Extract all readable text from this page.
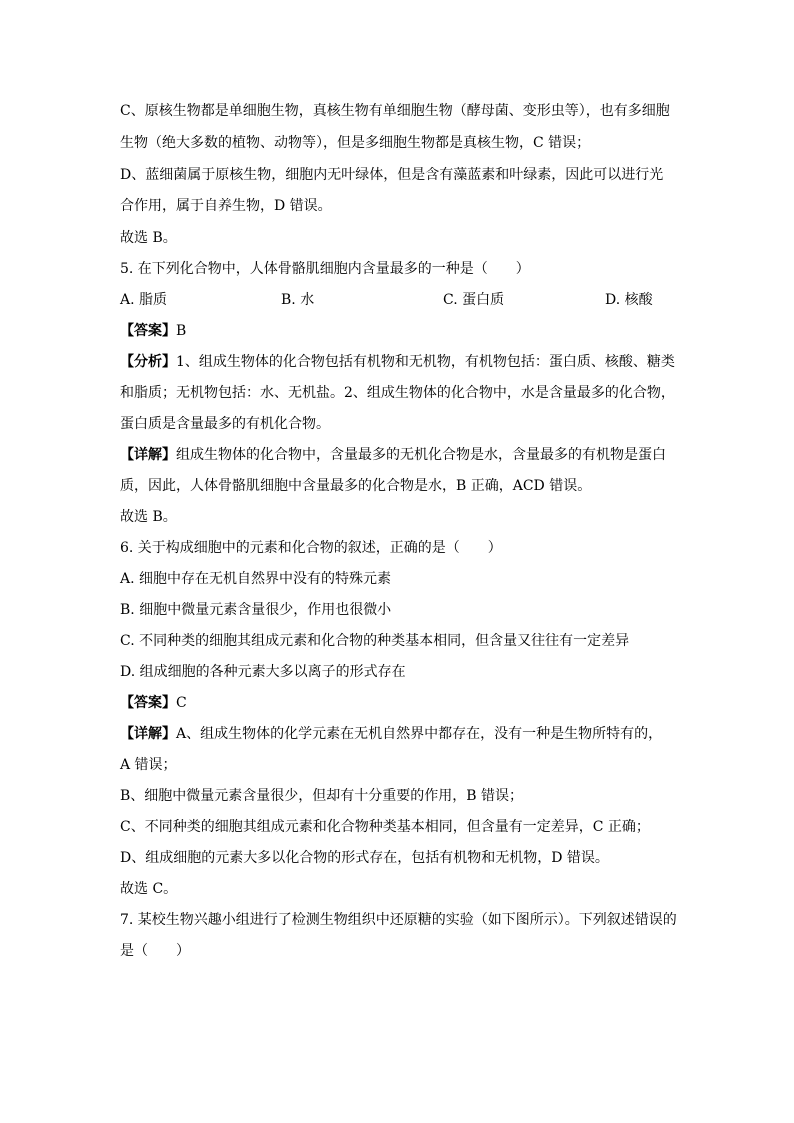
C、原核生物都是单细胞生物，真核生物有单细胞生物（酵母菌、变形虫等），也有多细胞
生物（绝大多数的植物、动物等），但是多细胞生物都是真核生物，C 错误；
D、蓝细菌属于原核生物，细胞内无叶绿体，但是含有藻蓝素和叶绿素，因此可以进行光
合作用，属于自养生物，D 错误。
故选 B。
5. 在下列化合物中，人体骨骼肌细胞内含量最多的一种是（　　）
A. 脂质	B. 水	C. 蛋白质	D. 核酸
【答案】B
【分析】1、组成生物体的化合物包括有机物和无机物，有机物包括：蛋白质、核酸、糖类
和脂质；无机物包括：水、无机盐。2、组成生物体的化合物中，水是含量最多的化合物，
蛋白质是含量最多的有机化合物。
【详解】组成生物体的化合物中，含量最多的无机化合物是水，含量最多的有机物是蛋白
质，因此，人体骨骼肌细胞中含量最多的化合物是水，B 正确，ACD 错误。
故选 B。
6. 关于构成细胞中的元素和化合物的叙述，正确的是（　　）
A. 细胞中存在无机自然界中没有的特殊元素
B. 细胞中微量元素含量很少，作用也很微小
C. 不同种类的细胞其组成元素和化合物的种类基本相同，但含量又往往有一定差异
D. 组成细胞的各种元素大多以离子的形式存在
【答案】C
【详解】A、组成生物体的化学元素在无机自然界中都存在，没有一种是生物所特有的，
A 错误；
B、细胞中微量元素含量很少，但却有十分重要的作用，B 错误；
C、不同种类的细胞其组成元素和化合物种类基本相同，但含量有一定差异，C 正确；
D、组成细胞的元素大多以化合物的形式存在，包括有机物和无机物，D 错误。
故选 C。
7. 某校生物兴趣小组进行了检测生物组织中还原糖的实验（如下图所示）。下列叙述错误的
是（　　）
